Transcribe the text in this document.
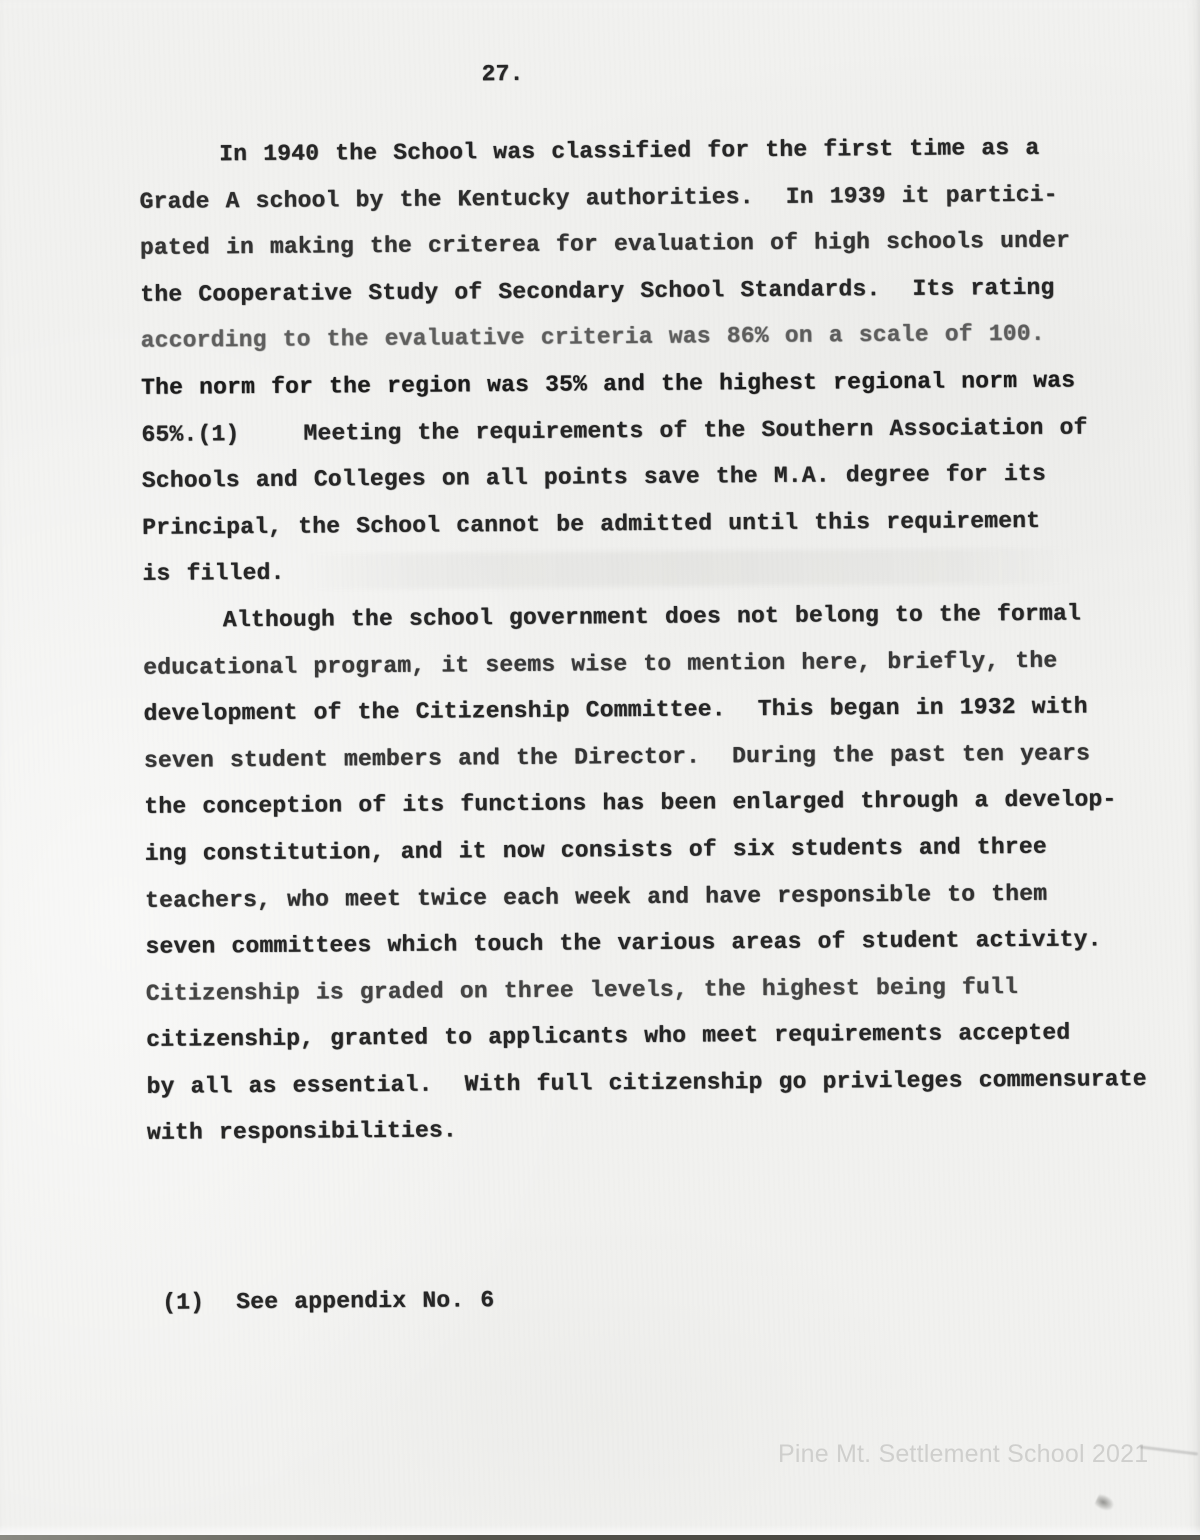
27.
In 1940 the School was classified for the first time as a
Grade A school by the Kentucky authorities.  In 1939 it partici-
pated in making the criterea for evaluation of high schools under
the Cooperative Study of Secondary School Standards.  Its rating
according to the evaluative criteria was 86% on a scale of 100.
The norm for the region was 35% and the highest regional norm was
65%.(1)    Meeting the requirements of the Southern Association of
Schools and Colleges on all points save the M.A. degree for its
Principal, the School cannot be admitted until this requirement
is filled.
Although the school government does not belong to the formal
educational program, it seems wise to mention here, briefly, the
development of the Citizenship Committee.  This began in 1932 with
seven student members and the Director.  During the past ten years
the conception of its functions has been enlarged through a develop-
ing constitution, and it now consists of six students and three
teachers, who meet twice each week and have responsible to them
seven committees which touch the various areas of student activity.
Citizenship is graded on three levels, the highest being full
citizenship, granted to applicants who meet requirements accepted
by all as essential.  With full citizenship go privileges commensurate
with responsibilities.
(1)  See appendix No. 6
Pine Mt. Settlement School 2021
